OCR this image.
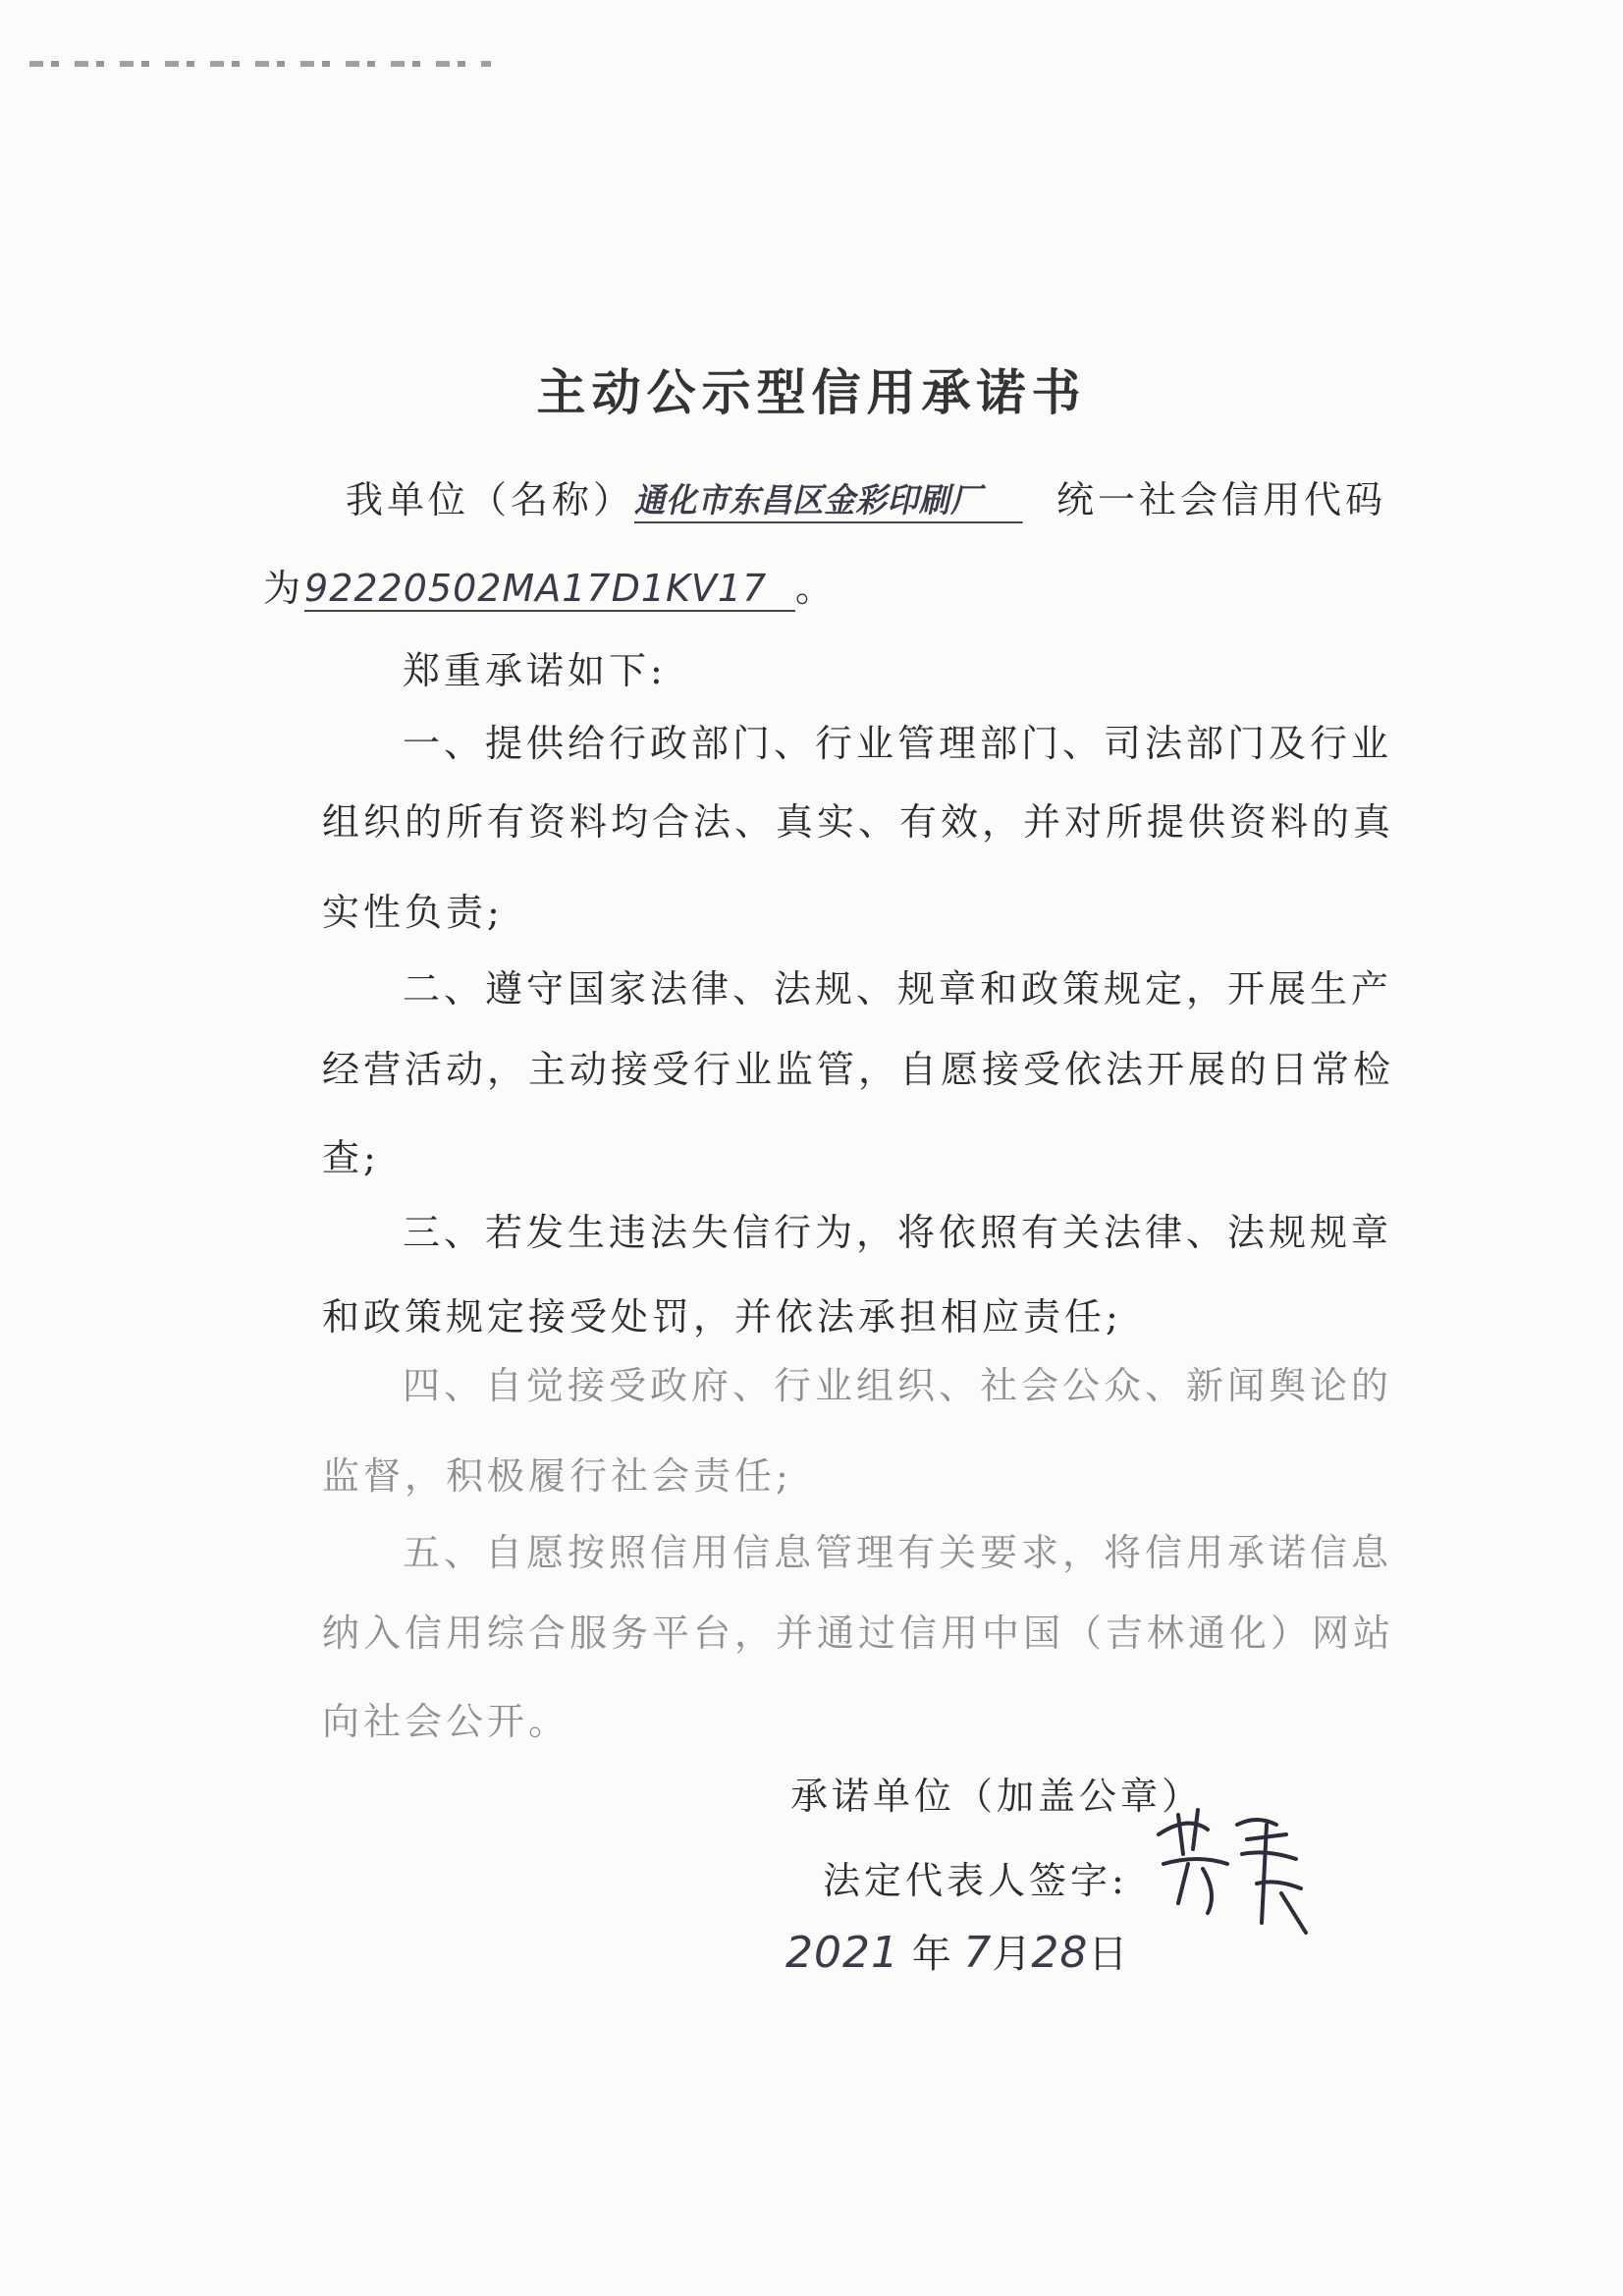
主动公示型信用承诺书
我单位（名称）通化市东昌区金彩印刷厂 统一社会信用代码
为92220502MA17D1KV17 。
郑重承诺如下:
一、提供给行政部门、行业管理部门、司法部门及行业
组织的所有资料均合法、真实、有效，并对所提供资料的真
实性负责;
二、遵守国家法律、法规、规章和政策规定，开展生产
经营活动，主动接受行业监管，自愿接受依法开展的日常检
查;
三、若发生违法失信行为，将依照有关法律、法规规章
和政策规定接受处罚，并依法承担相应责任;
四、自觉接受政府、行业组织、社会公众、新闻舆论的
监督，积极履行社会责任;
五、自愿按照信用信息管理有关要求，将信用承诺信息
纳入信用综合服务平台，并通过信用中国（吉林通化）网站
向社会公开。
承诺单位（加盖公章）
法定代表人签字:
2021 年 7月28日
